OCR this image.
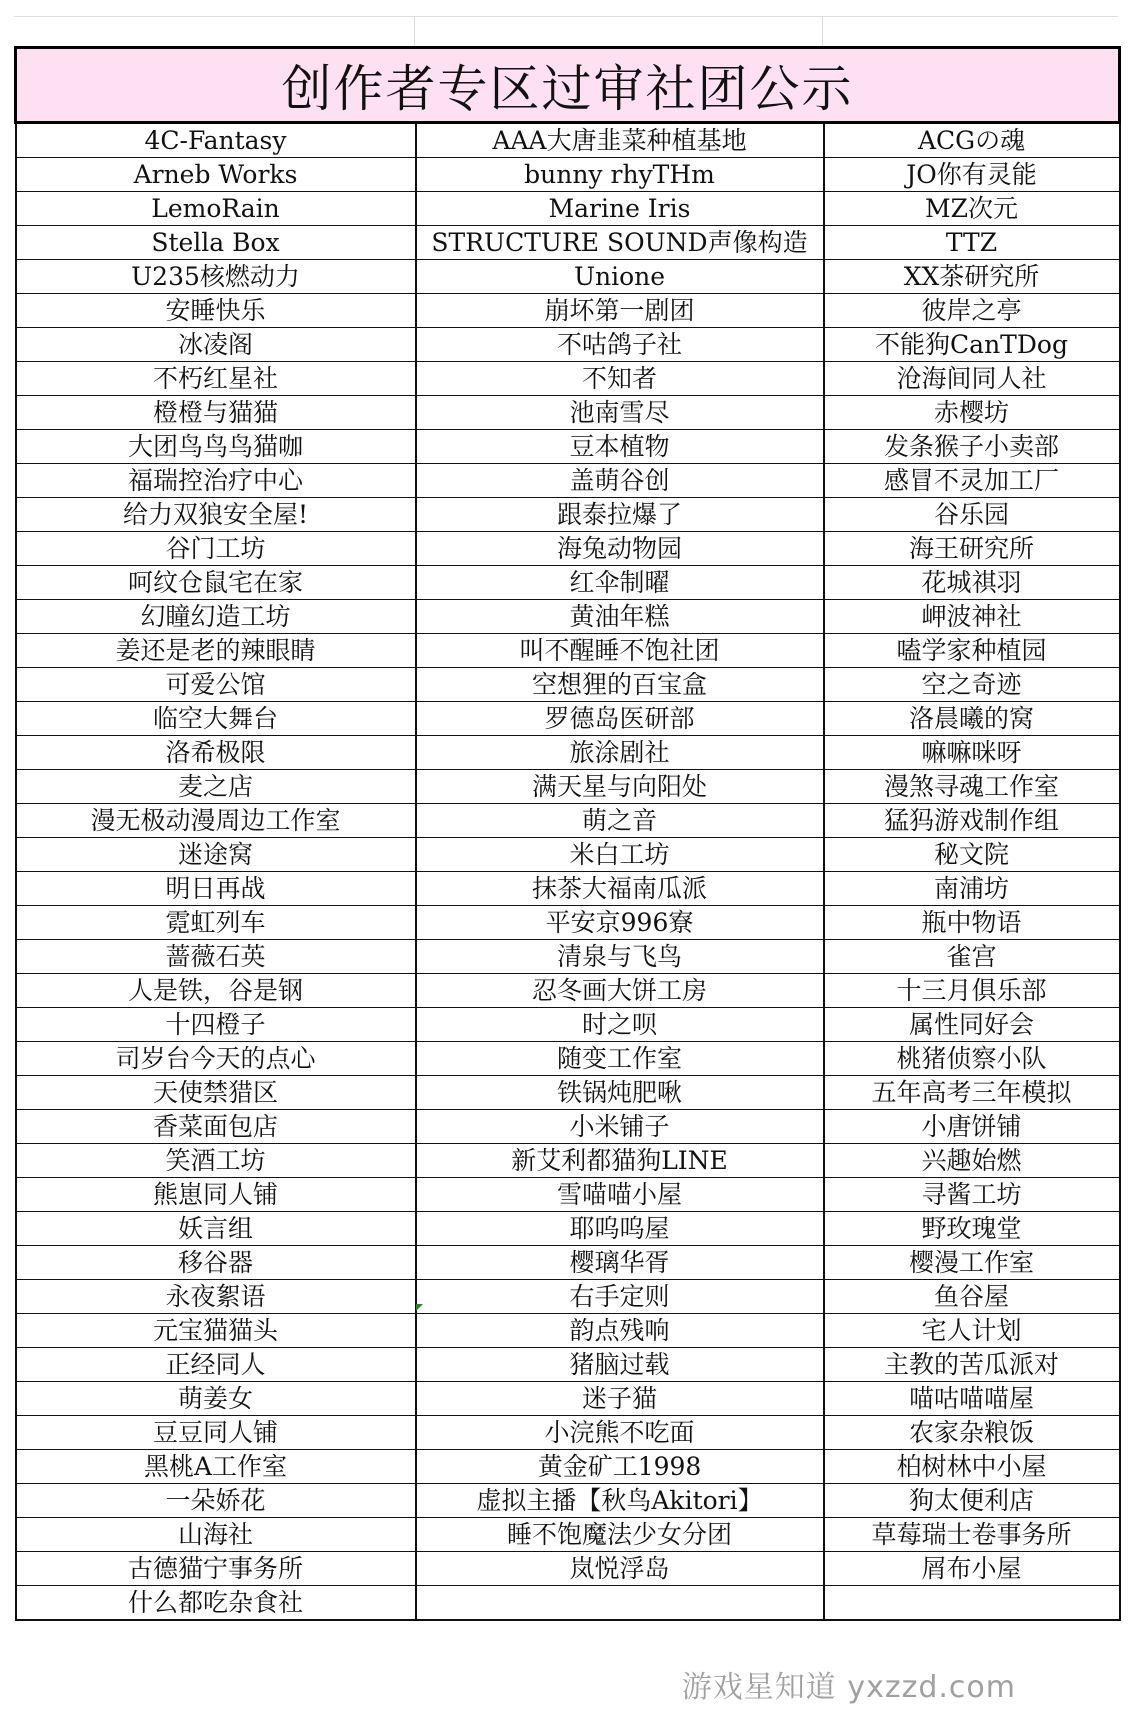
创作者专区过审社团公示		
4C-Fantasy	AAA大唐韭菜种植基地	ACGの魂
Arneb Works	bunny rhyTHm	JO你有灵能
LemoRain	Marine Iris	MZ次元
Stella Box	STRUCTURE SOUND声像构造	TTZ
U235核燃动力	Unione	XX茶研究所
安睡快乐	崩坏第一剧团	彼岸之亭
冰凌阁	不咕鸽子社	不能狗CanTDog
不朽红星社	不知者	沧海间同人社
橙橙与猫猫	池南雪尽	赤樱坊
大团鸟鸟鸟猫咖	豆本植物	发条猴子小卖部
福瑞控治疗中心	盖萌谷创	感冒不灵加工厂
给力双狼安全屋!	跟泰拉爆了	谷乐园
谷门工坊	海兔动物园	海王研究所
呵纹仓鼠宅在家	红伞制曜	花城祺羽
幻瞳幻造工坊	黄油年糕	岬波神社
姜还是老的辣眼睛	叫不醒睡不饱社团	嗑学家种植园
可爱公馆	空想狸的百宝盒	空之奇迹
临空大舞台	罗德岛医研部	洛晨曦的窝
洛希极限	旅涂剧社	嘛嘛咪呀
麦之店	满天星与向阳处	漫煞寻魂工作室
漫无极动漫周边工作室	萌之音	猛犸游戏制作组
迷途窝	米白工坊	秘文院
明日再战	抹茶大福南瓜派	南浦坊
霓虹列车	平安京996寮	瓶中物语
蔷薇石英	清泉与飞鸟	雀宫
人是铁，谷是钢	忍冬画大饼工房	十三月俱乐部
十四橙子	时之呗	属性同好会
司岁台今天的点心	随变工作室	桃猪侦察小队
天使禁猎区	铁锅炖肥啾	五年高考三年模拟
香菜面包店	小米铺子	小唐饼铺
笑酒工坊	新艾利都猫狗LINE	兴趣始燃
熊崽同人铺	雪喵喵小屋	寻酱工坊
妖言组	耶呜呜屋	野玫瑰堂
移谷器	樱璃华胥	樱漫工作室
永夜絮语	右手定则	鱼谷屋
元宝猫猫头	韵点残响	宅人计划
正经同人	猪脑过载	主教的苦瓜派对
萌姜女	迷子猫	喵咕喵喵屋
豆豆同人铺	小浣熊不吃面	农家杂粮饭
黑桃A工作室	黄金矿工1998	柏树林中小屋
一朵娇花	虚拟主播【秋鸟Akitori】	狗太便利店
山海社	睡不饱魔法少女分团	草莓瑞士卷事务所
古德猫宁事务所	岚悦浮岛	屑布小屋
什么都吃杂食社		
游戏星知道 yxzzd.com
